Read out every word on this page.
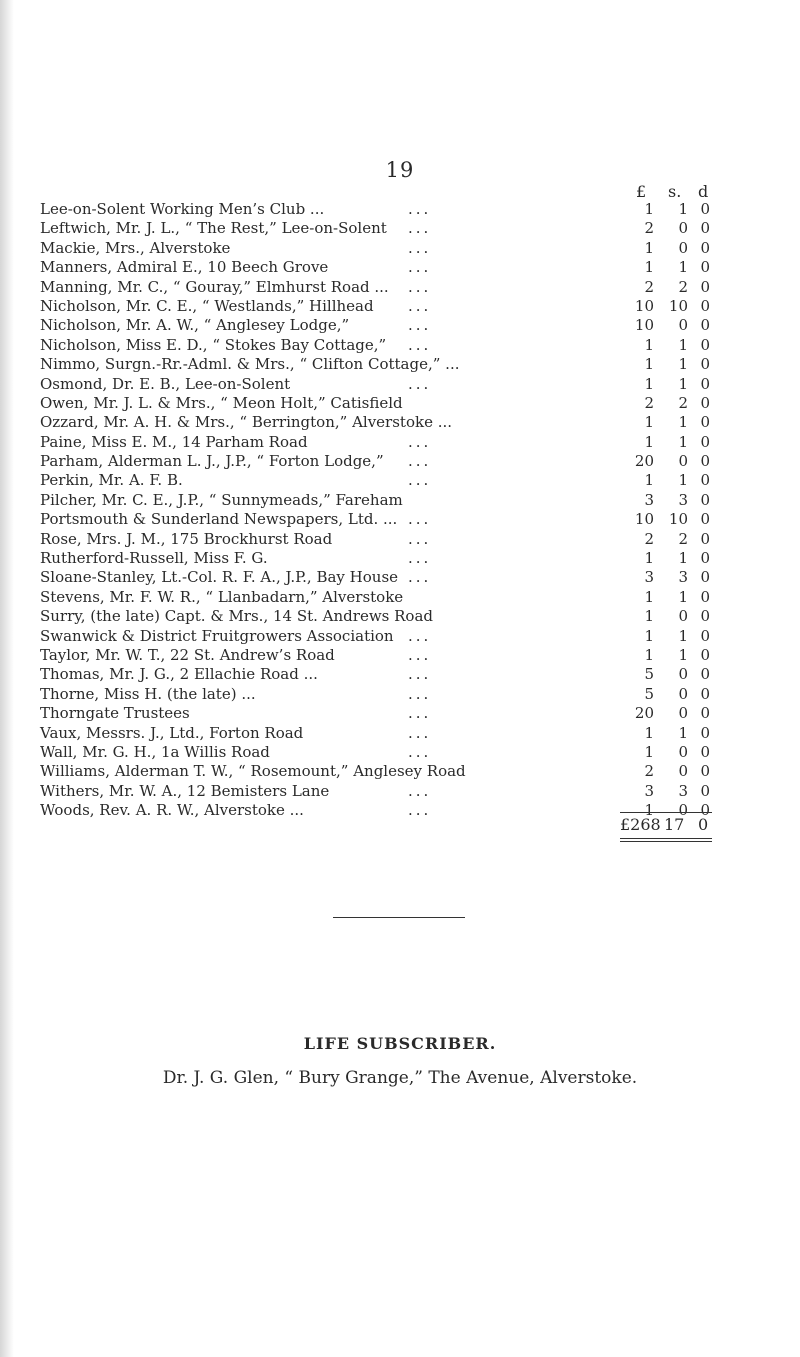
19
£ s. d
Lee-on-Solent Working Men’s Club ...	...	1	1 0
Leftwich, Mr. J. L., “ The Rest,” Lee-on-Solent ...	2	0 0
Mackie, Mrs., Alverstoke	...	1	0 0
Manners, Admiral E., 10 Beech Grove	...	1	1 0
Manning, Mr. C., “ Gouray,” Elmhurst Road ... ...	2	2 0
Nicholson, Mr. C. E., “ Westlands,” Hillhead ...	10 10 0
Nicholson, Mr. A. W., “ Anglesey Lodge,”	...	10	0 0
Nicholson, Miss E. D., “ Stokes Bay Cottage,” ...	1	1 0
Nimmo, Surgn.-Rr.-Adml. & Mrs., “ Clifton Cottage,” ...	1	1 0
Osmond, Dr. E. B., Lee-on-Solent	...	1	1 0
Owen, Mr. J. L. & Mrs., “ Meon Holt,” Catisfield	2	2 0
Ozzard, Mr. A. H. & Mrs., “ Berrington,” Alverstoke ...	1	1 0
Paine, Miss E. M., 14 Parham Road	...	1	1 0
Parham, Alderman L. J., J.P., “ Forton Lodge,” ...	20	0 0
Perkin, Mr. A. F. B.	...	1	1 0
Pilcher, Mr. C. E., J.P., “ Sunnymeads,” Fareham	3	3 0
Portsmouth & Sunderland Newspapers, Ltd. ... ...	10 10 0
Rose, Mrs. J. M., 175 Brockhurst Road	...	2	2 0
Rutherford-Russell, Miss F. G.	...	1	1 0
Sloane-Stanley, Lt.-Col. R. F. A., J.P., Bay House ...	3	3 0
Stevens, Mr. F. W. R., “ Llanbadarn,” Alverstoke	1	1 0
Surry, (the late) Capt. & Mrs., 14 St. Andrews Road	1	0 0
Swanwick & District Fruitgrowers Association ...	1	1 0
Taylor, Mr. W. T., 22 St. Andrew’s Road	...	1	1 0
Thomas, Mr. J. G., 2 Ellachie Road ...	...	5	0 0
Thorne, Miss H. (the late) ...	...	5	0 0
Thorngate Trustees	...	20	0 0
Vaux, Messrs. J., Ltd., Forton Road	...	1	1 0
Wall, Mr. G. H., 1a Willis Road	...	1	0 0
Williams, Alderman T. W., “ Rosemount,” Anglesey Road	2	0 0
Withers, Mr. W. A., 12 Bemisters Lane	...	3	3 0
Woods, Rev. A. R. W., Alverstoke ...	...	1	0 0
£268 17 0
LIFE SUBSCRIBER.
Dr. J. G. Glen, “ Bury Grange,” The Avenue, Alverstoke.
